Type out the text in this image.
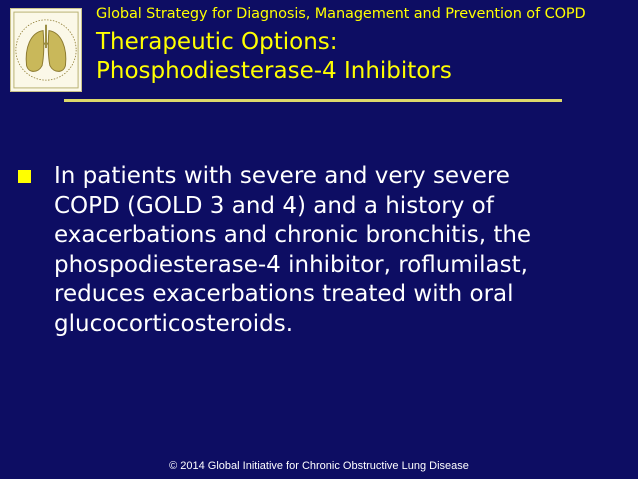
Global Strategy for Diagnosis, Management and Prevention of COPD
Therapeutic Options:
Phosphodiesterase-4 Inhibitors
In patients with severe and very severe
COPD (GOLD 3 and 4) and a history of
exacerbations and chronic bronchitis, the
phospodiesterase-4 inhibitor, roflumilast,
reduces exacerbations treated with oral
glucocorticosteroids.
© 2014 Global Initiative for Chronic Obstructive Lung Disease
